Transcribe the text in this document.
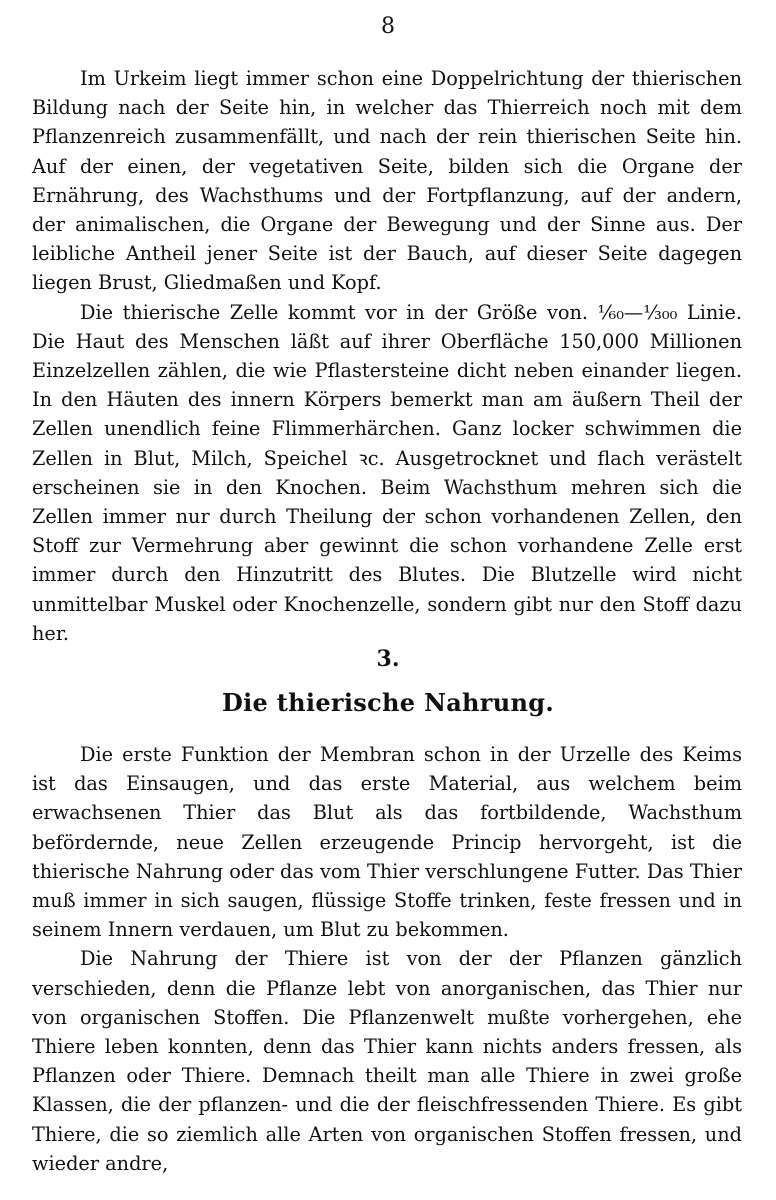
8

Im Urkeim liegt immer schon eine Doppelrichtung der thierischen Bildung nach der Seite hin, in welcher das Thierreich noch mit dem Pflanzenreich zusammenfällt, und nach der rein thierischen Seite hin. Auf der einen, der vegetativen Seite, bilden sich die Organe der Ernährung, des Wachsthums und der Fortpflanzung, auf der andern, der animalischen, die Organe der Bewegung und der Sinne aus. Der leibliche Antheil jener Seite ist der Bauch, auf dieser Seite dagegen liegen Brust, Gliedmaßen und Kopf.

Die thierische Zelle kommt vor in der Größe von. ¹⁄₆₀—¹⁄₃₀₀ Linie. Die Haut des Menschen läßt auf ihrer Oberfläche 150,000 Millionen Einzelzellen zählen, die wie Pflastersteine dicht neben einander liegen. In den Häuten des innern Körpers bemerkt man am äußern Theil der Zellen unendlich feine Flimmerhärchen. Ganz locker schwimmen die Zellen in Blut, Milch, Speichel ꝛc. Ausgetrocknet und flach verästelt erscheinen sie in den Knochen. Beim Wachsthum mehren sich die Zellen immer nur durch Theilung der schon vorhandenen Zellen, den Stoff zur Vermehrung aber gewinnt die schon vorhandene Zelle erst immer durch den Hinzutritt des Blutes. Die Blutzelle wird nicht unmittelbar Muskel oder Knochenzelle, sondern gibt nur den Stoff dazu her.

3.
Die thierische Nahrung.

Die erste Funktion der Membran schon in der Urzelle des Keims ist das Einsaugen, und das erste Material, aus welchem beim erwachsenen Thier das Blut als das fortbildende, Wachsthum befördernde, neue Zellen erzeugende Princip hervorgeht, ist die thierische Nahrung oder das vom Thier verschlungene Futter. Das Thier muß immer in sich saugen, flüssige Stoffe trinken, feste fressen und in seinem Innern verdauen, um Blut zu bekommen.

Die Nahrung der Thiere ist von der der Pflanzen gänzlich verschieden, denn die Pflanze lebt von anorganischen, das Thier nur von organischen Stoffen. Die Pflanzenwelt mußte vorhergehen, ehe Thiere leben konnten, denn das Thier kann nichts anders fressen, als Pflanzen oder Thiere. Demnach theilt man alle Thiere in zwei große Klassen, die der pflanzen- und die der fleischfressenden Thiere. Es gibt Thiere, die so ziemlich alle Arten von organischen Stoffen fressen, und wieder andre,
